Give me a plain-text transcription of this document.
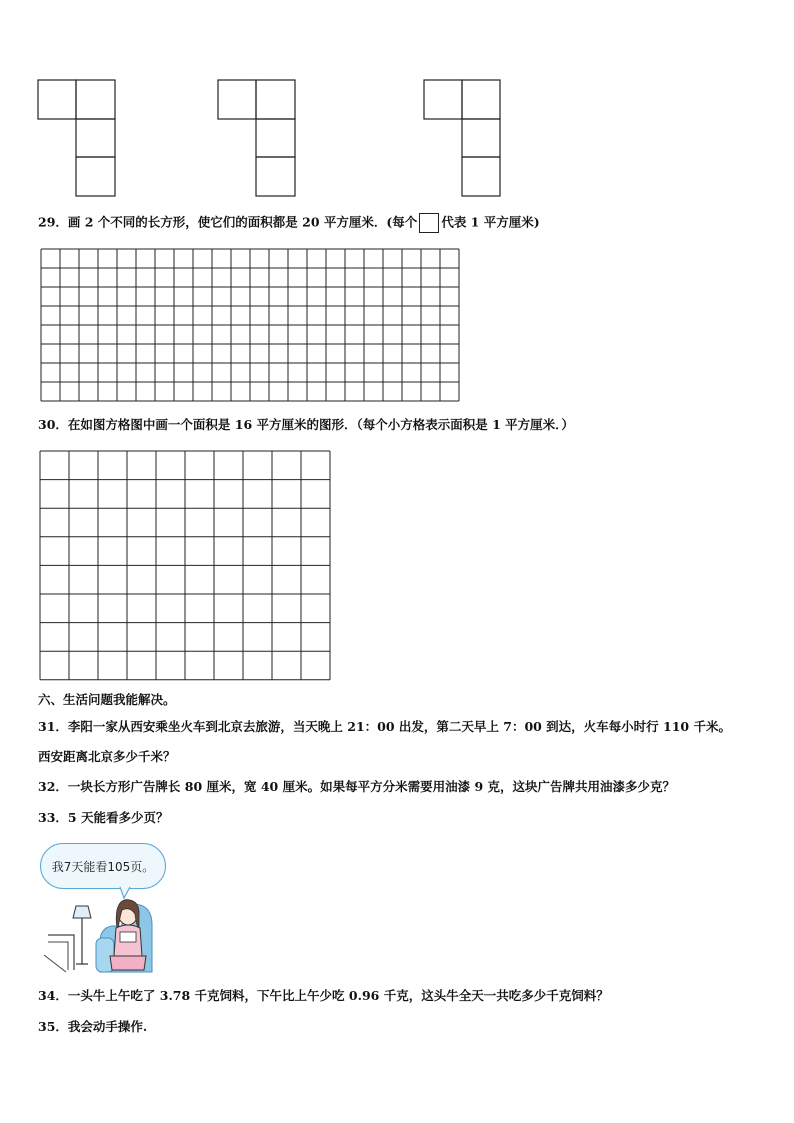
29．画 2 个不同的长方形，使它们的面积都是 20 平方厘米．(每个 代表 1 平方厘米)
30．在如图方格图中画一个面积是 16 平方厘米的图形．（每个小方格表示面积是 1 平方厘米．）
六、生活问题我能解决。
31．李阳一家从西安乘坐火车到北京去旅游，当天晚上 21：00 出发，第二天早上 7：00 到达，火车每小时行 110 千米。
西安距离北京多少千米？
32．一块长方形广告牌长 80 厘米，宽 40 厘米。如果每平方分米需要用油漆 9 克，这块广告牌共用油漆多少克？
33．5 天能看多少页？
我7天能看105页。
34．一头牛上午吃了 3.78 千克饲料，下午比上午少吃 0.96 千克，这头牛全天一共吃多少千克饲料？
35．我会动手操作.
